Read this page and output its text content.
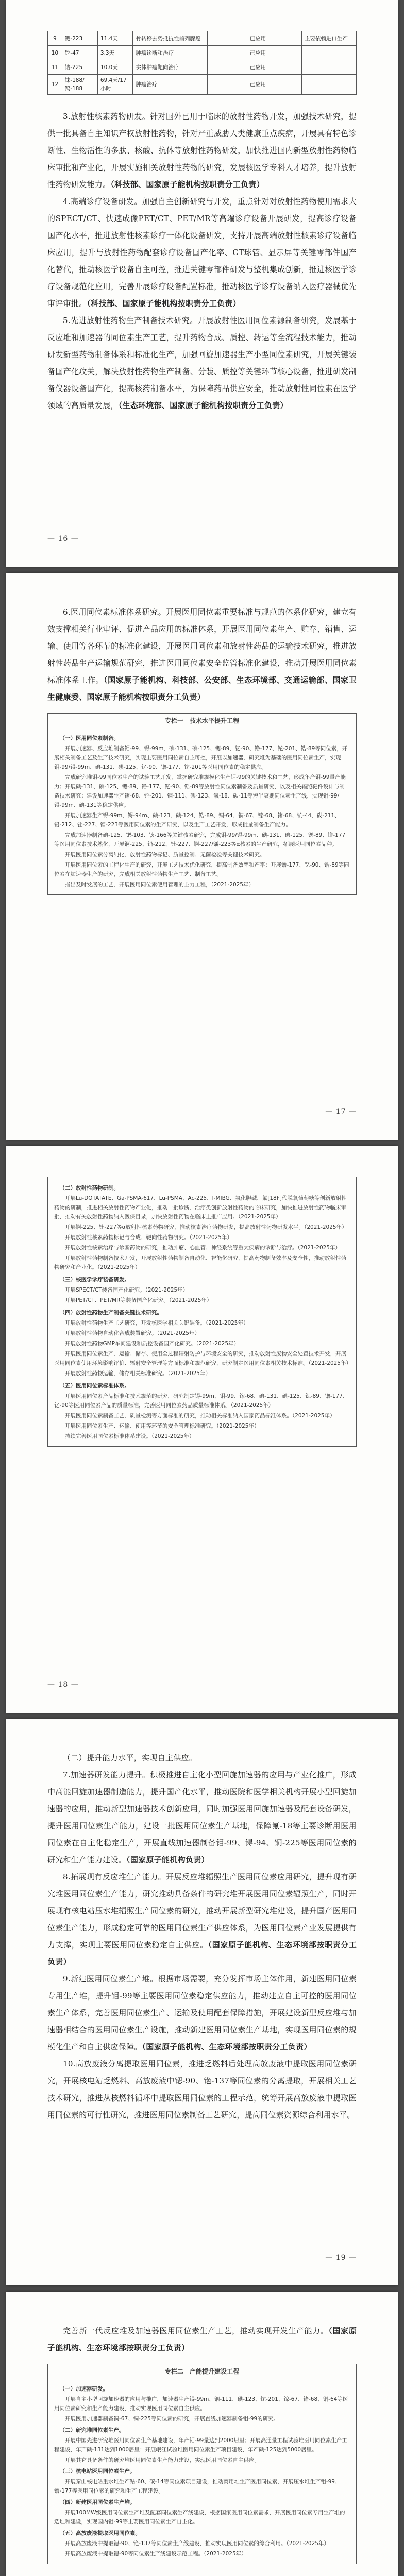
9	锶-223	11.4天	骨转移去势抵抗性前列腺癌		已应用	主要依赖进口生产
10	铊-47	3.3天	肿瘤诊断和治疗		已应用	
11	锆-225	10.0天	实体肿瘤靶向治疗		已应用	
12	铼-188/钨-188	69.4天/17小时	肿瘤治疗		已应用	

3.放射性核素药物研发。针对国外已用于临床的放射性药物开发，加强技术研究，提供一批具备自主知识产权放射性药物，针对严重威胁人类健康重点疾病，开展具有特色诊断性、生物活性的多肽、核酸、抗体等放射性药物研发，加快推进国内新型放射性药物临床审批和产业化，开展实施相关放射性药物的研究，发展核医学专科人才培养，提升放射性药物研发能力。（科技部、国家原子能机构按职责分工负责）

4.高端诊疗设备研发。加强自主创新研究与开发，重点针对对放射性药物使用需求大的SPECT/CT、快速成像PET/CT、PET/MR等高端诊疗设备开展研发，提高诊疗设备国产化水平，推进放射性核素诊疗一体化设备研发，支持开展高端放射性核素诊疗设备临床应用，提升与放射性药物配套诊疗设备国产化率、CT球管、显示屏等关键零部件国产化替代，推动核医学设备自主可控，推进关键零部件研发与整机集成创新，推进核医学诊疗设备规范化应用，完善开展诊疗设备配置标准，推动核医学诊疗设备纳入医疗器械优先审评审批。（科技部、国家原子能机构按职责分工负责）

5.先进放射性药物生产制备技术研究。开展放射性医用同位素源制备研究，发展基于反应堆和加速器的同位素生产工艺，提升药物合成、质控、转运等全流程技术能力，推动研发新型药物制备体系和标准化生产，加强回旋加速器生产小型同位素研究，开展关键装备国产化攻关，解决放射性药物生产制备、分装、质控等关键环节核心设备，推进研发制备仪器设备国产化，提高核药制备水平，为保障药品供应安全，推动放射性同位素在医学领域的高质量发展，（生态环境部、国家原子能机构按职责分工负责）

— 16 —

6.医用同位素标准体系研究。开展医用同位素重要标准与规范的体系化研究，建立有效支撑相关行业审评、促进产品应用的标准体系，开展医用同位素生产、贮存、销售、运输、使用等各环节的标准化建设，开展医用同位素和放射性药品的运输技术研究，推进放射性药品生产运输规范研究，推进医用同位素安全监管标准化建设，推动开展医用同位素标准体系工作。（国家原子能机构、科技部、公安部、生态环境部、交通运输部、国家卫生健康委、国家原子能机构按职责分工负责）

专栏一　技术水平提升工程

（一）医用同位素制备。

开展加速器、反应堆制备钼-99、锝-99m、碘-131、碘-125、锶-89、钇-90、镥-177、铊-201、锆-89等同位素，开展相关制备工艺及生产技术研究，实现主要医用同位素自主可控，开展以加速器、研究堆为基础的医用同位素生产，实现钼-99/锝-99m、碘-131、碘-125、钇-90、镥-177、铊-201等医用同位素的稳定供应。

完成研究堆钼-99同位素生产的试验工艺开发，掌握研究堆规模化生产钼-99的关键技术和工艺，形成年产钼-99量产能力；开展碘-131、碘-125、锶-89、镥-177、钇-90、锆-89等放射性同位素制备及质量研究，以及相关辐照靶件设计与制造技术研究；建设加速器生产锗-68、铊-201、铟-111、碘-123、氟-18、碳-11等短半衰期同位素生产线，实现钼-99/锝-99m、碘-131等稳定供应。

开展加速器生产锝-99m、锝-94m、碘-123、碘-124、锆-89、铜-64、铜-67、镓-68、锗-68、钪-44、砹-211、铅-212、钍-227、镭-223等医用同位素的生产研究，以及生产工艺开发，形成批量制备生产能力。

完成加速器制备碘-125、钯-103、钬-166等关键核素研究，完成钼-99/锝-99m、碘-131、碘-125、锶-89、镥-177等医用同位素技术熟化，开展锕-225、铅-212、钍-227、锕-227/镭-223等α核素的生产研究，拓展医用同位素品种。

开展医用同位素分离纯化、放射性药物标记、质量控制、无菌检验等关键技术研究。

开展医用同位素的工程化生产的研究，开展工艺技术优化研究，提高制备效率和产率；开展镥-177、钇-90、锆-89等同位素在加速器生产的研究，完成相关放射性药物生产工艺、制备工艺。

指出及时发展的工艺、开展医用同位素使用管理的主力工程，（2021-2025年）

— 17 —

（二）放射性药物研制。

开展Lu-DOTATATE、Ga-PSMA-617、Lu-PSMA、Ac-225、I-MIBG、氟化胆碱、氟[18F]代脱氧葡萄糖等创新放射性药物的研制，推进相关放射性药物产业化，推动一批诊断、治疗类创新放射性药物的临床研究，加快推进放射性药物临床审批，推动有关放射性药物纳入医保目录，加快放射性药物在临床上推广应用。（2021-2025年）

开展锕-225、钍-227等α放射性核素药物研究，推动核素治疗药物研发，提高放射性药物研发水平。（2021-2025年）

开展放射性核素药物标记与合成、靶向性药物研究。（2021-2025年）

开展放射性核素治疗与诊断药物的研究，推动肿瘤、心血管、神经系统等重大疾病的诊断与治疗。（2021-2025年）

开展放射性药物制备技术开发，开展放射性药物制备自动化、智能化研究，提高药物制备效率及安全性，推动放射性药物研究和产业化。（2021-2025年）

（三）核医学诊疗装备研发。

开展SPECT/CT装备国产化研究。（2021-2025年）

开展PET/CT、PET/MR等装备国产化研究。（2021-2025年）

（四）放射性药物生产制备关键技术研究。

开展放射性药物生产工艺研究，开发核医学相关关键装备。（2021-2025年）

开展放射性药物自动化合成装置研究。（2021-2025年）

开展放射性药物GMP车间建设和质控设备国产化研究。（2021-2025年）

开展医用同位素生产、运输、储存、使用全过程辐射防护与环境安全的研究，推动放射性废物安全处置技术开发，开展医用同位素使用环境影响评价、辐射安全管理等方面标准和规范研究，研究制定医用同位素相关技术标准。（2021-2025年）

开展放射性药物运输、储存相关标准研究。（2021-2025年）

（五）医用同位素标准体系。

开展医用同位素产品标准和技术规范的研究，研究制定锝-99m、钼-99、镓-68、碘-131、碘-125、锶-89、镥-177、钇-90等医用同位素产品的质量标准，完善医用同位素药品质量标准体系。（2021-2025年）

开展医用同位素制备工艺、质量检测等方面标准的研究，推动相关标准纳入国家药品标准体系。（2021-2025年）

开展医用同位素生产、运输、使用等环节的安全管理标准研究。（2021-2025年）

持续完善医用同位素标准体系建设。（2021-2025年）

— 18 —

（二）提升能力水平，实现自主供应。

7.加速器研发能力提升。积极推进自主化小型回旋加速器的应用与产业化推广，形成中高能回旋加速器制造能力，提升国产化水平，推动医院和医学相关机构开展小型回旋加速器的应用，推动新型加速器技术创新应用，同时加强医用回旋加速器及配套设备研发，提升医用同位素生产能力，建设一批医用同位素生产基地，保障氟-18等主要诊断用医用同位素在自主化稳定生产，开展直线加速器制备钼-99、锝-94、铜-225等医用同位素的研究和生产能力建设。（国家原子能机构负责）

8.拓展现有反应堆生产能力。开展反应堆辐照生产医用同位素应用研究，提升现有研究堆医用同位素生产能力，研究推动具备条件的研究堆开展医用同位素辐照生产，同时开展现有核电站压水堆辐照生产同位素的研究，推动开展新型研究堆建设，提升国产医用同位素生产能力，形成稳定可靠的医用同位素生产供应体系，为医用同位素产业发展提供有力支撑，实现主要医用同位素稳定自主供应。（国家原子能机构、生态环境部按职责分工负责）

9.新建医用同位素生产堆。根据市场需要，充分发挥市场主体作用，新建医用同位素专用生产堆，提升钼-99等主要医用同位素稳定供应能力，推动建立自主可控的医用同位素生产体系，完善医用同位素生产、运输及使用配套保障措施，开展建设新型反应堆与加速器相结合的医用同位素生产设施，推动新建医用同位素生产基地，实现医用同位素的规模化生产和自主供应保障。（国家原子能机构、生态环境部按职责分工负责）

10.高放废液分离提取医用同位素，推进乏燃料后处理高放废液中提取医用同位素研究，开展核电站乏燃料、高放废液中锶-90、铯-137等同位素的分离提取，开展相关工艺技术研究，推进从核燃料循环中提取医用同位素的工程示范，统筹开展高放废液中提取医用同位素的可行性研究，推进医用同位素制备工艺研究，提高同位素资源综合利用水平。

— 19 —

完善新一代反应堆及加速器医用同位素生产工艺，推动实现开发生产能力。（国家原子能机构、生态环境部按职责分工负责）

专栏二　产能提升建设工程

（一）加速器研发。

开展自主小型回旋加速器的应用与推广，加速器生产锝-99m、铟-111、碘-123、铊-201、镓-67、锗-68、铜-64等医用同位素研究和生产能力建设，推动实现医用同位素自主供应。

开展医用加速器制备铜-67、铜-225等同位素的研究，开展直线加速器制备钼-99的研究。

（二）研究堆同位素生产。

开展中国先进研究堆医用同位素生产基地建设，年产钼-99量达到2000居里；开展高通量工程试验堆医用同位素生产工程建设，年产碘-131达到1000居里；开展岷江试验堆医用同位素生产项目建设，年产碘-125达到5000居里。

开展其它具备条件的研究堆医用同位素生产能力建设，实现医用同位素自主供应。

（三）核电站医用同位素生产。

开展秦山核电站重水堆生产钴-60、碳-14等同位素项目建设，推动商用堆生产医用同位素，开展压水堆生产钼-99、镥-177等医用同位素的研究和生产工程建设。

（四）新建医用同位素生产堆。

开展100MW级医用同位素生产堆及配套同位素生产线建设，根据国家医用同位素需求，开展医用同位素专用生产堆的选址和建设，实现国内钼-99等主要医用同位素生产自主化。

（五）高放废液提取医用同位素。

开展高放废液中提取锶-90、铯-137等同位素生产线建设，推动实现医用同位素的综合利用。（2021-2025年）

开展高放废液中提取锶-90等同位素生产线建设示范工程。（2021-2025年）
